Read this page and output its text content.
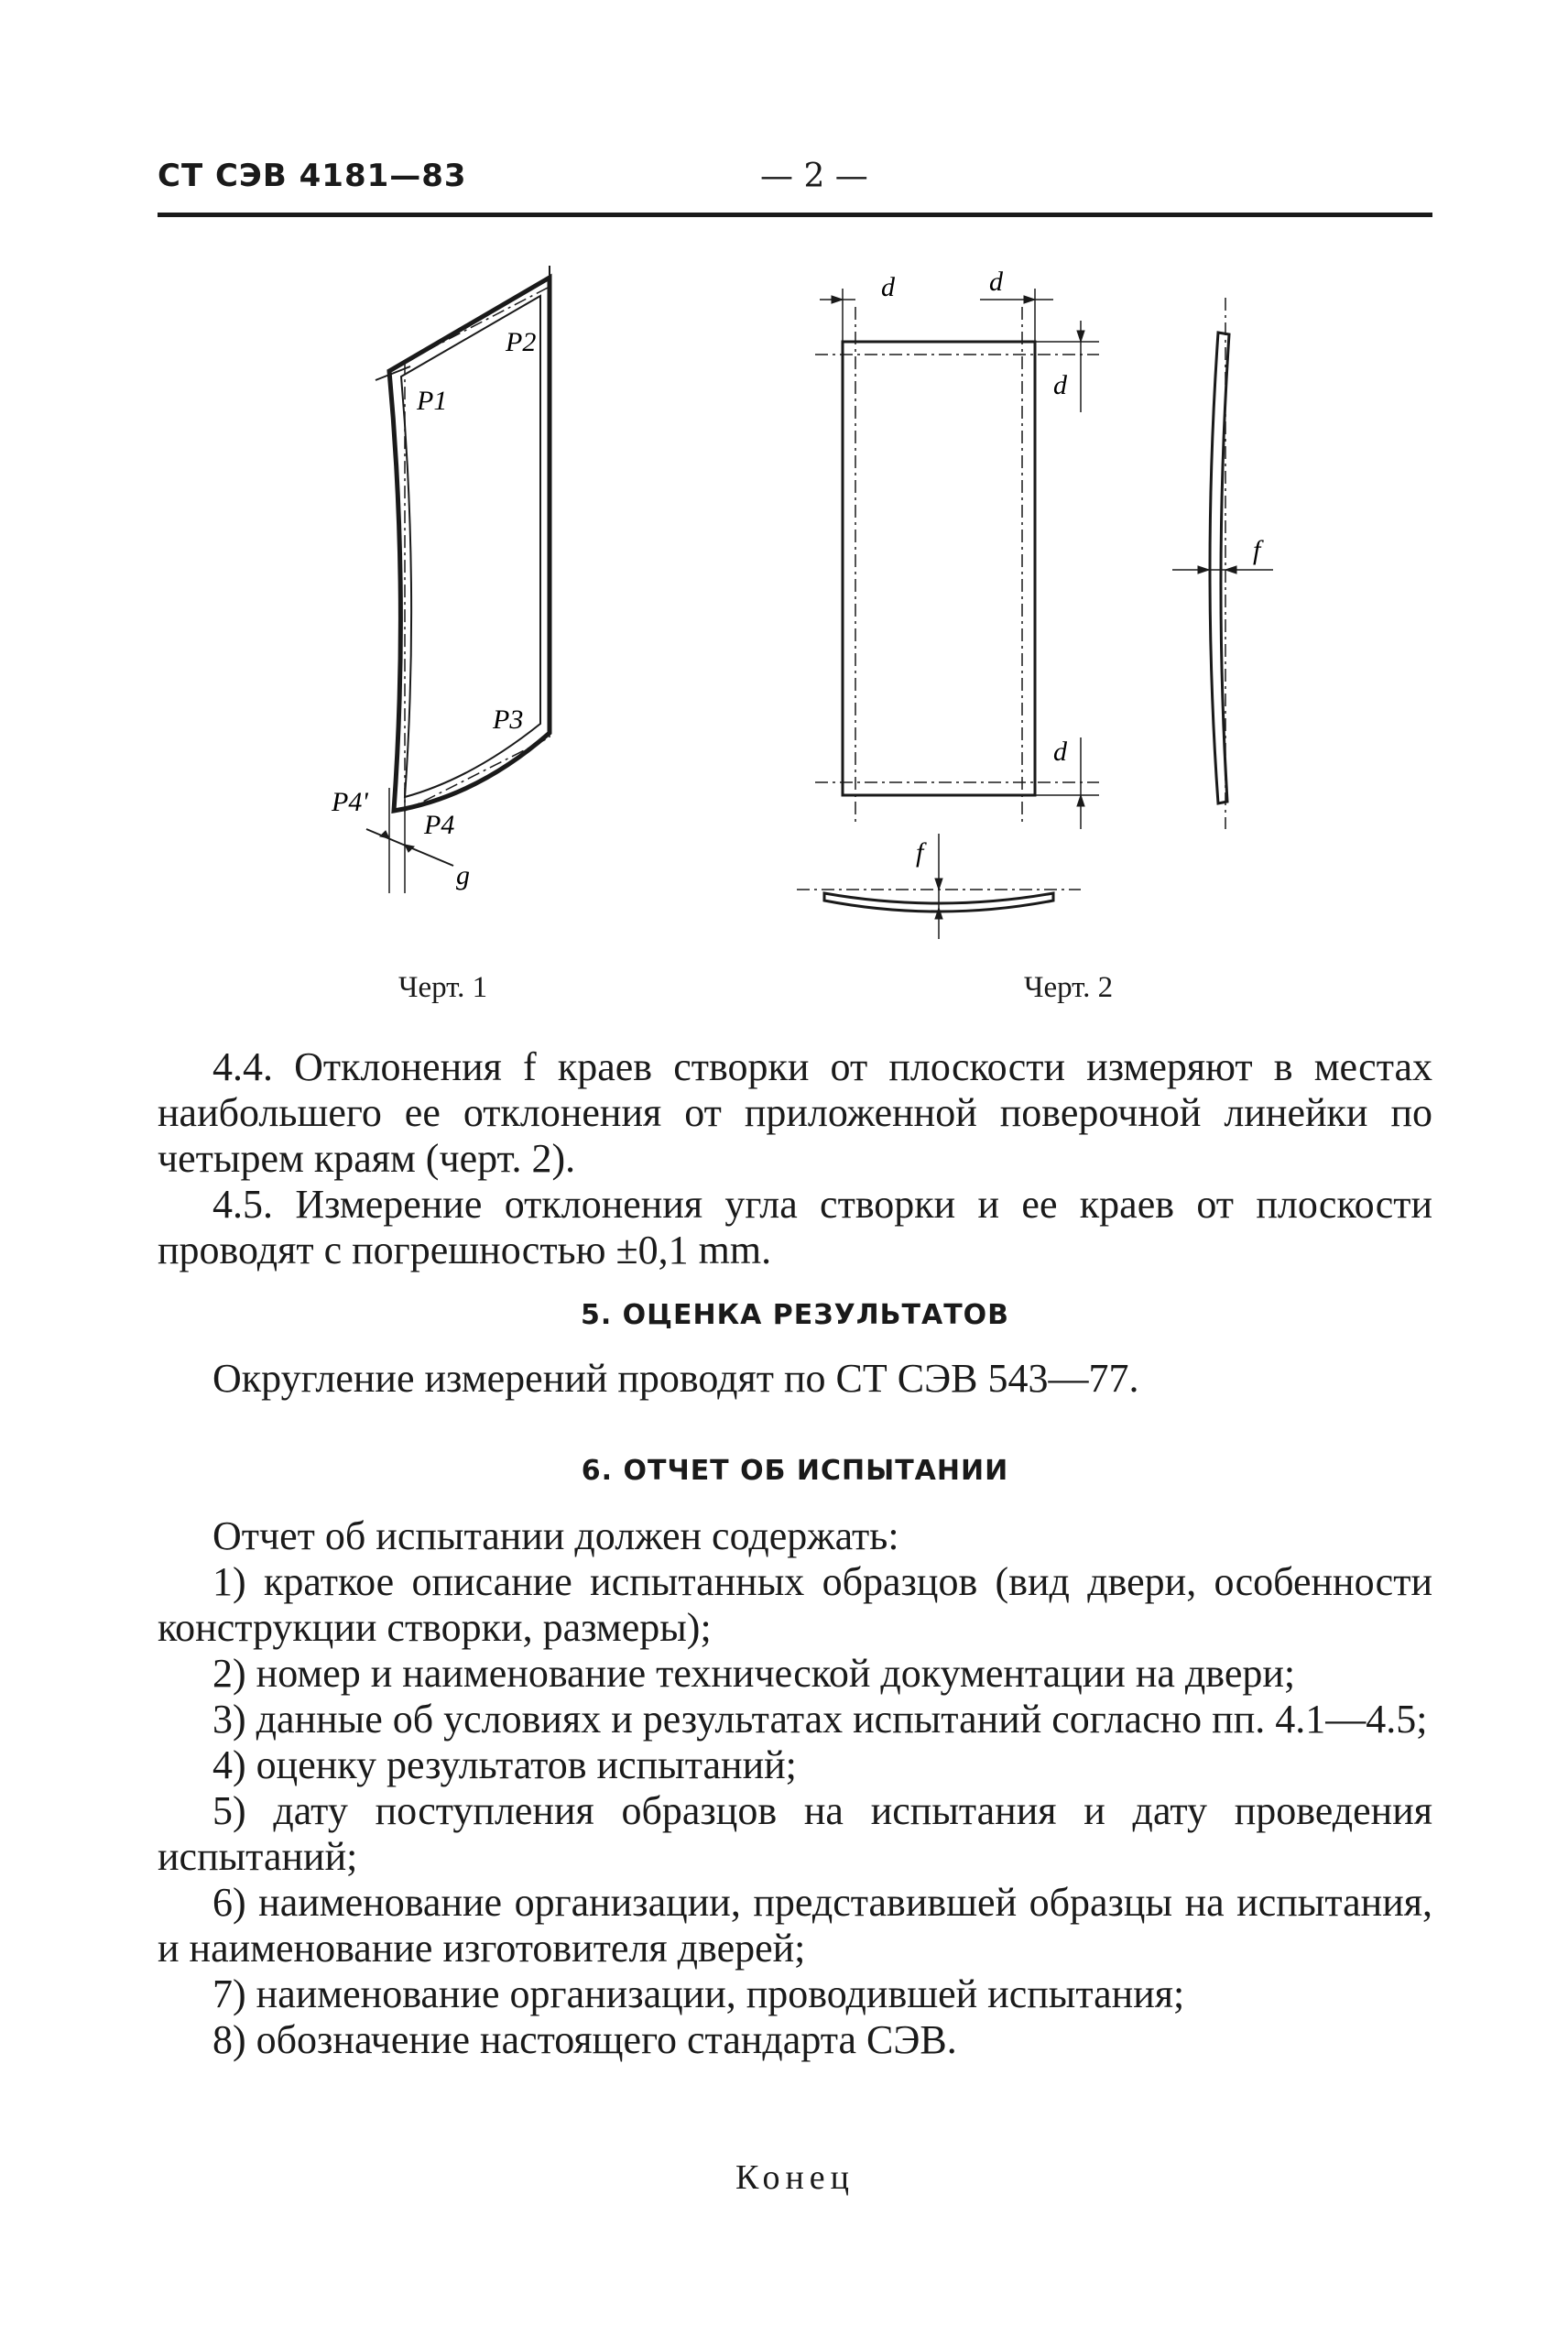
СТ СЭВ 4181—83	— 2 —
P2
P1
P3
P4'
P4
g
d	d
d
d
f
f
Черт. 1	Черт. 2

4.4. Отклонения f краев створки от плоскости измеряют в местах наибольшего ее отклонения от приложенной поверочной линейки по четырем краям (черт. 2).

4.5. Измерение отклонения угла створки и ее краев от плоскости проводят с погрешностью ±0,1 mm.

5. ОЦЕНКА РЕЗУЛЬТАТОВ

Округление измерений проводят по СТ СЭВ 543—77.

6. ОТЧЕТ ОБ ИСПЫТАНИИ

Отчет об испытании должен содержать:

1) краткое описание испытанных образцов (вид двери, особенности конструкции створки, размеры);

2) номер и наименование технической документации на двери;

3) данные об условиях и результатах испытаний согласно пп. 4.1—4.5;

4) оценку результатов испытаний;

5) дату поступления образцов на испытания и дату проведения испытаний;

6) наименование организации, представившей образцы на испытания, и наименование изготовителя дверей;

7) наименование организации, проводившей испытания;

8) обозначение настоящего стандарта СЭВ.

Конец
